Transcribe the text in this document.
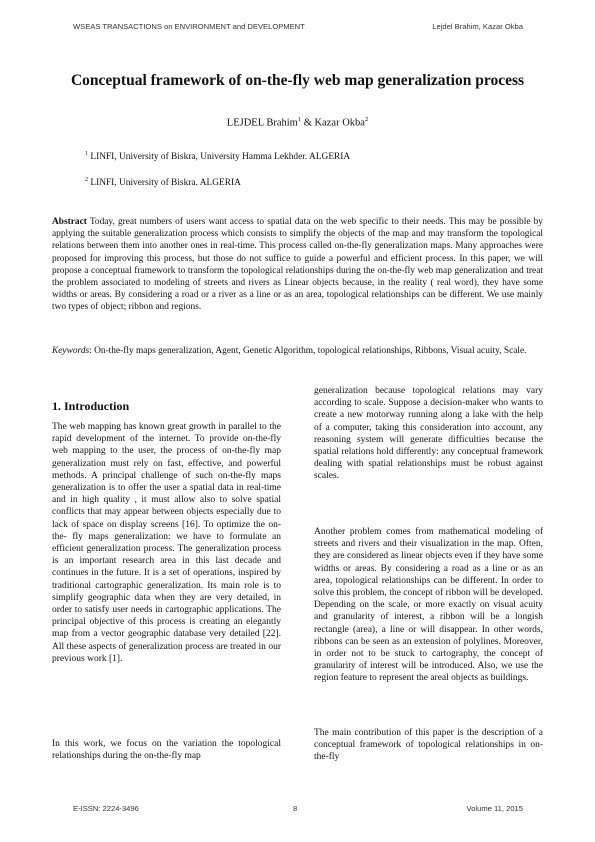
WSEAS TRANSACTIONS on ENVIRONMENT and DEVELOPMENT	Lejdel Brahim, Kazar Okba
Conceptual framework of on-the-fly web map generalization process
LEJDEL Brahim$^1$ & Kazar Okba$^2$
$^1$ LINFI, University of Biskra, University Hamma Lekhder. ALGERIA
$^2$ LINFI, University of Biskra. ALGERIA
Abstract Today, great numbers of users want access to spatial data on the web specific to their needs. This may be possible by applying the suitable generalization process which consists to simplify the objects of the map and may transform the topological relations between them into another ones in real-time. This process called on-the-fly generalization maps. Many approaches were proposed for improving this process, but those do not suffice to guide a powerful and efficient process. In this paper, we will propose a conceptual framework to transform the topological relationships during the on-the-fly web map generalization and treat the problem associated to modeling of streets and rivers as Linear objects because, in the reality ( real word), they have some widths or areas. By considering a road or a river as a line or as an area, topological relationships can be different. We use mainly two types of object; ribbon and regions.
Keywords: On-the-fly maps generalization, Agent, Genetic Algorithm, topological relationships, Ribbons, Visual acuity, Scale.
1. Introduction
The web mapping has known great growth in parallel to the rapid development of the internet. To provide on-the-fly web mapping to the user, the process of on-the-fly map generalization must rely on fast, effective, and powerful methods. A principal challenge of such on-the-fly maps generalization is to offer the user a spatial data in real-time and in high quality , it must allow also to solve spatial conflicts that may appear between objects especially due to lack of space on display screens [16]. To optimize the on-the- fly maps generalization: we have to formulate an efficient generalization process. The generalization process is an important research area in this last decade and continues in the future. It is a set of operations, inspired by traditional cartographic generalization. Its main role is to simplify geographic data when they are very detailed, in order to satisfy user needs in cartographic applications. The principal objective of this process is creating an elegantly map from a vector geographic database very detailed [22]. All these aspects of generalization process are treated in our previous work [1].
In this work, we focus on the variation the topological relationships during the on-the-fly map
generalization because topological relations may vary according to scale. Suppose a decision-maker who wants to create a new motorway running along a lake with the help of a computer, taking this consideration into account, any reasoning system will generate difficulties because the spatial relations hold differently: any conceptual framework dealing with spatial relationships must be robust against scales.
Another problem comes from mathematical modeling of streets and rivers and their visualization in the map. Often, they are considered as linear objects even if they have some widths or areas. By considering a road as a line or as an area, topological relationships can be different. In order to solve this problem, the concept of ribbon will be developed. Depending on the scale, or more exactly on visual acuity and granularity of interest, a ribbon will be a longish rectangle (area), a line or will disappear. In other words, ribbons can be seen as an extension of polylines. Moreover, in order not to be stuck to cartography, the concept of granularity of interest will be introduced. Also, we use the region feature to represent the areal objects as buildings.
The main contribution of this paper is the description of a conceptual framework of topological relationships in on-the-fly
E-ISSN: 2224-3496	8	Volume 11, 2015
